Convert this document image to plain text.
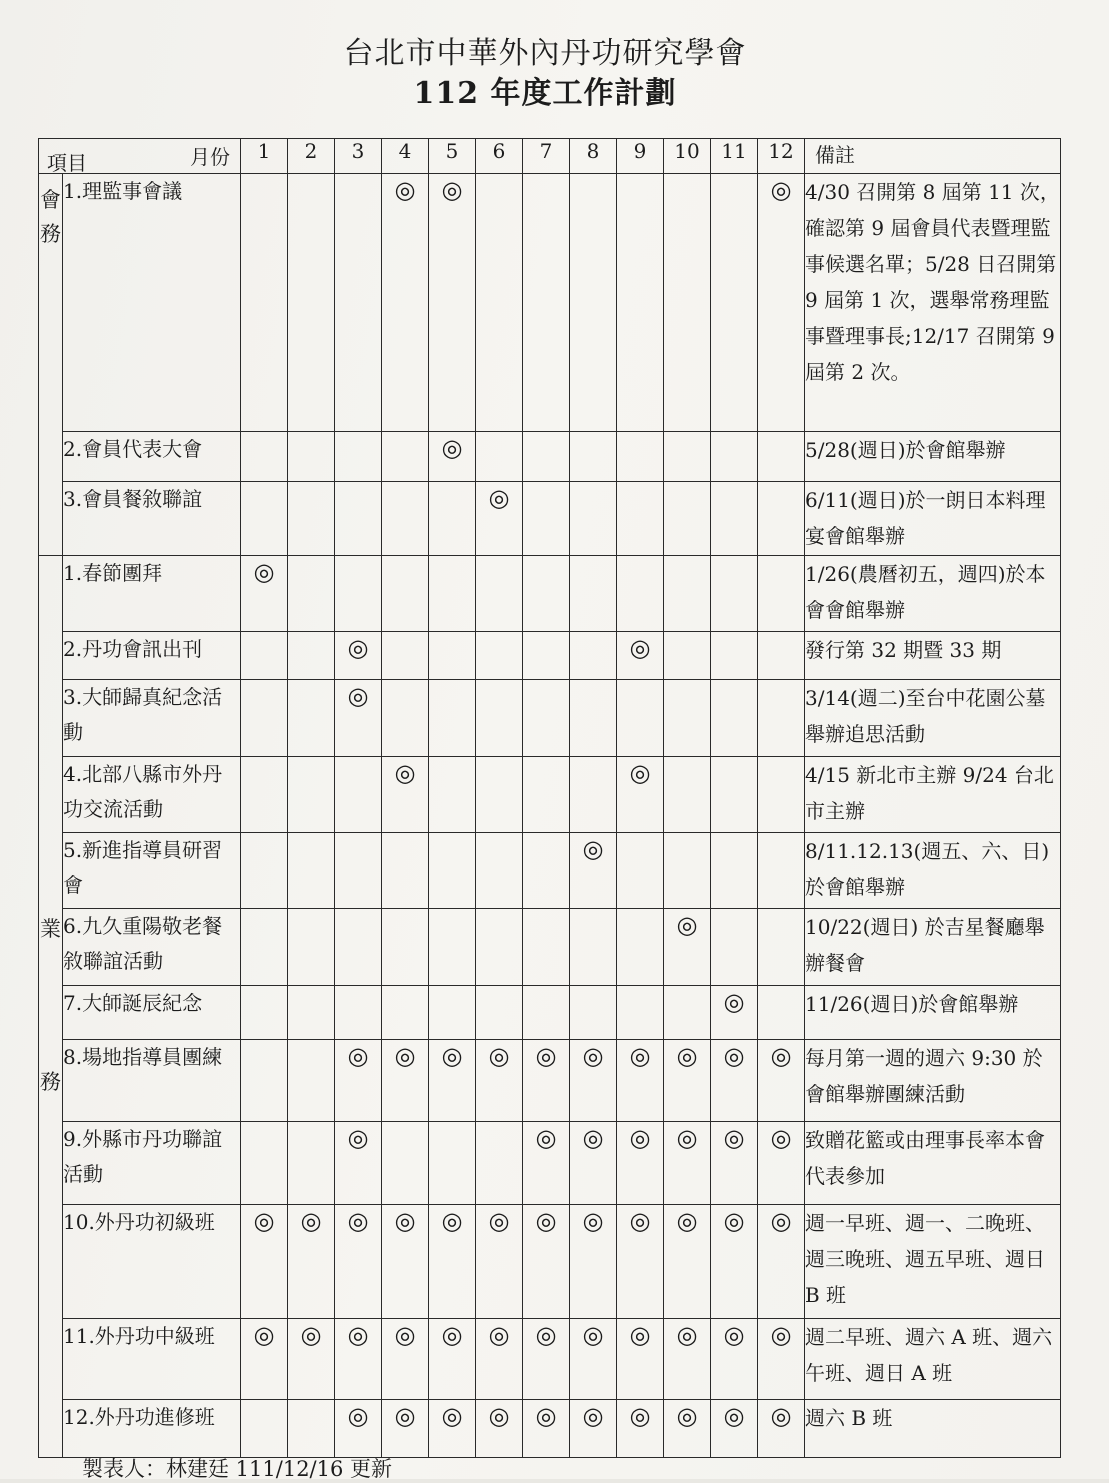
台北市中華外內丹功研究學會
112 年度工作計劃
項目 月份		1	2	3	4	5	6	7	8	9	10	11	12	備註

會
務	1.理監事會議				◎	◎							◎	4/30 召開第 8 屆第 11 次，確認第 9 屆會員代表暨理監事候選名單；5/28 日召開第 9 屆第 1 次，選舉常務理監事暨理事長;12/17 召開第 9 屆第 2 次。
	2.會員代表大會					◎								5/28(週日)於會館舉辦
	3.會員餐敘聯誼						◎							6/11(週日)於一朗日本料理宴會館舉辦

業
務	1.春節團拜	◎												1/26(農曆初五，週四)於本會會館舉辦
	2.丹功會訊出刊			◎						◎				發行第 32 期暨 33 期
	3.大師歸真紀念活動			◎										3/14(週二)至台中花園公墓舉辦追思活動
	4.北部八縣市外丹功交流活動				◎					◎				4/15 新北市主辦 9/24 台北市主辦
	5.新進指導員研習會								◎					8/11.12.13(週五、六、日)於會館舉辦
	6.九久重陽敬老餐敘聯誼活動										◎			10/22(週日) 於吉星餐廳舉辦餐會
	7.大師誕辰紀念											◎		11/26(週日)於會館舉辦
	8.場地指導員團練			◎	◎	◎	◎	◎	◎	◎	◎	◎	◎	每月第一週的週六 9:30 於會館舉辦團練活動
	9.外縣市丹功聯誼活動			◎				◎	◎	◎	◎	◎	◎	致贈花籃或由理事長率本會代表參加
	10.外丹功初級班	◎	◎	◎	◎	◎	◎	◎	◎	◎	◎	◎	◎	週一早班、週一、二晚班、週三晚班、週五早班、週日 B 班
	11.外丹功中級班	◎	◎	◎	◎	◎	◎	◎	◎	◎	◎	◎	◎	週二早班、週六 A 班、週六午班、週日 A 班
	12.外丹功進修班			◎	◎	◎	◎	◎	◎	◎	◎	◎	◎	週六 B 班
製表人：林建廷 111/12/16 更新
